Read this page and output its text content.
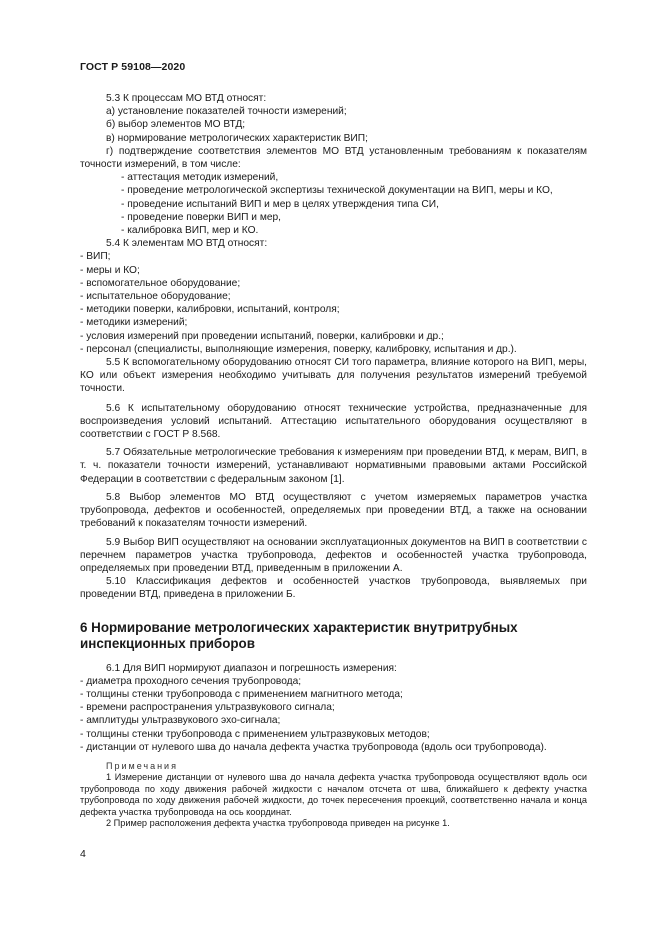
ГОСТ Р 59108—2020

5.3 К процессам МО ВТД относят:

а) установление показателей точности измерений;

б) выбор элементов МО ВТД;

в) нормирование метрологических характеристик ВИП;

г) подтверждение соответствия элементов МО ВТД установленным требованиям к показателям точности измерений, в том числе:

- аттестация методик измерений,

- проведение метрологической экспертизы технической документации на ВИП, меры и КО,

- проведение испытаний ВИП и мер в целях утверждения типа СИ,

- проведение поверки ВИП и мер,

- калибровка ВИП, мер и КО.

5.4 К элементам МО ВТД относят:

- ВИП;

- меры и КО;

- вспомогательное оборудование;

- испытательное оборудование;

- методики поверки, калибровки, испытаний, контроля;

- методики измерений;

- условия измерений при проведении испытаний, поверки, калибровки и др.;

- персонал (специалисты, выполняющие измерения, поверку, калибровку, испытания и др.).

5.5 К вспомогательному оборудованию относят СИ того параметра, влияние которого на ВИП, меры, КО или объект измерения необходимо учитывать для получения результатов измерений требуемой точности.

5.6 К испытательному оборудованию относят технические устройства, предназначенные для воспроизведения условий испытаний. Аттестацию испытательного оборудования осуществляют в соответствии с ГОСТ Р 8.568.

5.7 Обязательные метрологические требования к измерениям при проведении ВТД, к мерам, ВИП, в т. ч. показатели точности измерений, устанавливают нормативными правовыми актами Российской Федерации в соответствии с федеральным законом [1].

5.8 Выбор элементов МО ВТД осуществляют с учетом измеряемых параметров участка трубопровода, дефектов и особенностей, определяемых при проведении ВТД, а также на основании требований к показателям точности измерений.

5.9 Выбор ВИП осуществляют на основании эксплуатационных документов на ВИП в соответствии с перечнем параметров участка трубопровода, дефектов и особенностей участка трубопровода, определяемых при проведении ВТД, приведенным в приложении А.

5.10 Классификация дефектов и особенностей участков трубопровода, выявляемых при проведении ВТД, приведена в приложении Б.

6 Нормирование метрологических характеристик внутритрубных инспекционных приборов

6.1 Для ВИП нормируют диапазон и погрешность измерения:

- диаметра проходного сечения трубопровода;

- толщины стенки трубопровода с применением магнитного метода;

- времени распространения ультразвукового сигнала;

- амплитуды ультразвукового эхо-сигнала;

- толщины стенки трубопровода с применением ультразвуковых методов;

- дистанции от нулевого шва до начала дефекта участка трубопровода (вдоль оси трубопровода).

Примечания

1 Измерение дистанции от нулевого шва до начала дефекта участка трубопровода осуществляют вдоль оси трубопровода по ходу движения рабочей жидкости с началом отсчета от шва, ближайшего к дефекту участка трубопровода по ходу движения рабочей жидкости, до точек пересечения проекций, соответственно начала и конца дефекта участка трубопровода на ось координат.

2 Пример расположения дефекта участка трубопровода приведен на рисунке 1.

4
